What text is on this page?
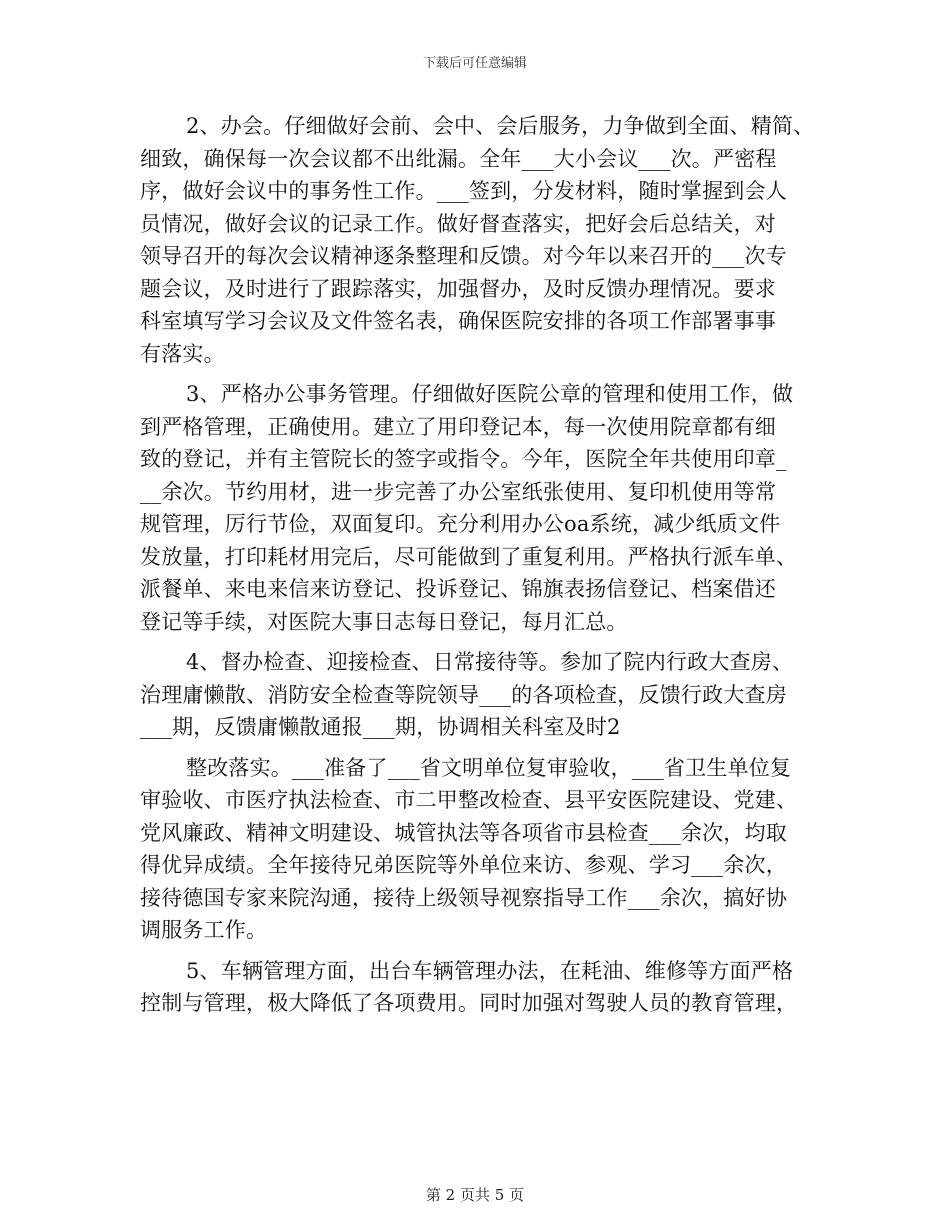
下载后可任意编辑
2、办会。仔细做好会前、会中、会后服务，力争做到全面、精简、
细致，确保每一次会议都不出纰漏。全年___大小会议___次。严密程
序，做好会议中的事务性工作。___签到，分发材料，随时掌握到会人
员情况，做好会议的记录工作。做好督查落实，把好会后总结关，对
领导召开的每次会议精神逐条整理和反馈。对今年以来召开的___次专
题会议，及时进行了跟踪落实，加强督办，及时反馈办理情况。要求
科室填写学习会议及文件签名表，确保医院安排的各项工作部署事事
有落实。
3、严格办公事务管理。仔细做好医院公章的管理和使用工作，做
到严格管理，正确使用。建立了用印登记本，每一次使用院章都有细
致的登记，并有主管院长的签字或指令。今年，医院全年共使用印章_
__余次。节约用材，进一步完善了办公室纸张使用、复印机使用等常
规管理，厉行节俭，双面复印。充分利用办公oa系统，减少纸质文件
发放量，打印耗材用完后，尽可能做到了重复利用。严格执行派车单、
派餐单、来电来信来访登记、投诉登记、锦旗表扬信登记、档案借还
登记等手续，对医院大事日志每日登记，每月汇总。
4、督办检查、迎接检查、日常接待等。参加了院内行政大查房、
治理庸懒散、消防安全检查等院领导___的各项检查，反馈行政大查房
___期，反馈庸懒散通报___期，协调相关科室及时2
整改落实。___准备了___省文明单位复审验收，___省卫生单位复
审验收、市医疗执法检查、市二甲整改检查、县平安医院建设、党建、
党风廉政、精神文明建设、城管执法等各项省市县检查___余次，均取
得优异成绩。全年接待兄弟医院等外单位来访、参观、学习___余次，
接待德国专家来院沟通，接待上级领导视察指导工作___余次，搞好协
调服务工作。
5、车辆管理方面，出台车辆管理办法，在耗油、维修等方面严格
控制与管理，极大降低了各项费用。同时加强对驾驶人员的教育管理，
第 2 页共 5 页
